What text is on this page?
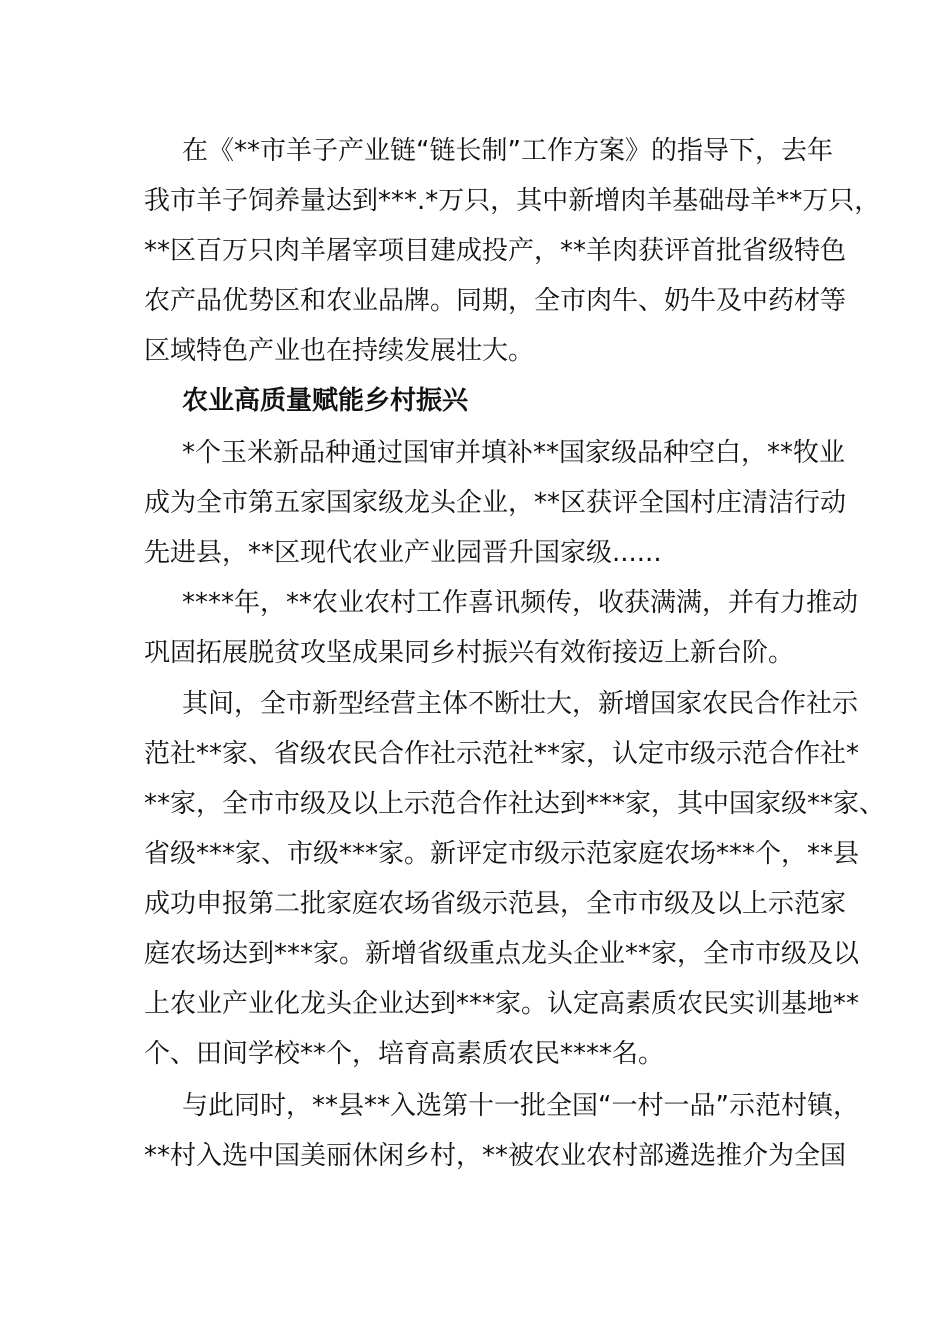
在《**市羊子产业链“链长制”工作方案》的指导下，去年

我市羊子饲养量达到***.*万只，其中新增肉羊基础母羊**万只，

**区百万只肉羊屠宰项目建成投产，**羊肉获评首批省级特色

农产品优势区和农业品牌。同期，全市肉牛、奶牛及中药材等

区域特色产业也在持续发展壮大。

农业高质量赋能乡村振兴

*个玉米新品种通过国审并填补**国家级品种空白，**牧业

成为全市第五家国家级龙头企业，**区获评全国村庄清洁行动

先进县，**区现代农业产业园晋升国家级......

****年，**农业农村工作喜讯频传，收获满满，并有力推动

巩固拓展脱贫攻坚成果同乡村振兴有效衔接迈上新台阶。

其间，全市新型经营主体不断壮大，新增国家农民合作社示

范社**家、省级农民合作社示范社**家，认定市级示范合作社*

**家，全市市级及以上示范合作社达到***家，其中国家级**家、

省级***家、市级***家。新评定市级示范家庭农场***个，**县

成功申报第二批家庭农场省级示范县，全市市级及以上示范家

庭农场达到***家。新增省级重点龙头企业**家，全市市级及以

上农业产业化龙头企业达到***家。认定高素质农民实训基地**

个、田间学校**个，培育高素质农民****名。

与此同时，**县**入选第十一批全国“一村一品”示范村镇，

**村入选中国美丽休闲乡村，**被农业农村部遴选推介为全国
